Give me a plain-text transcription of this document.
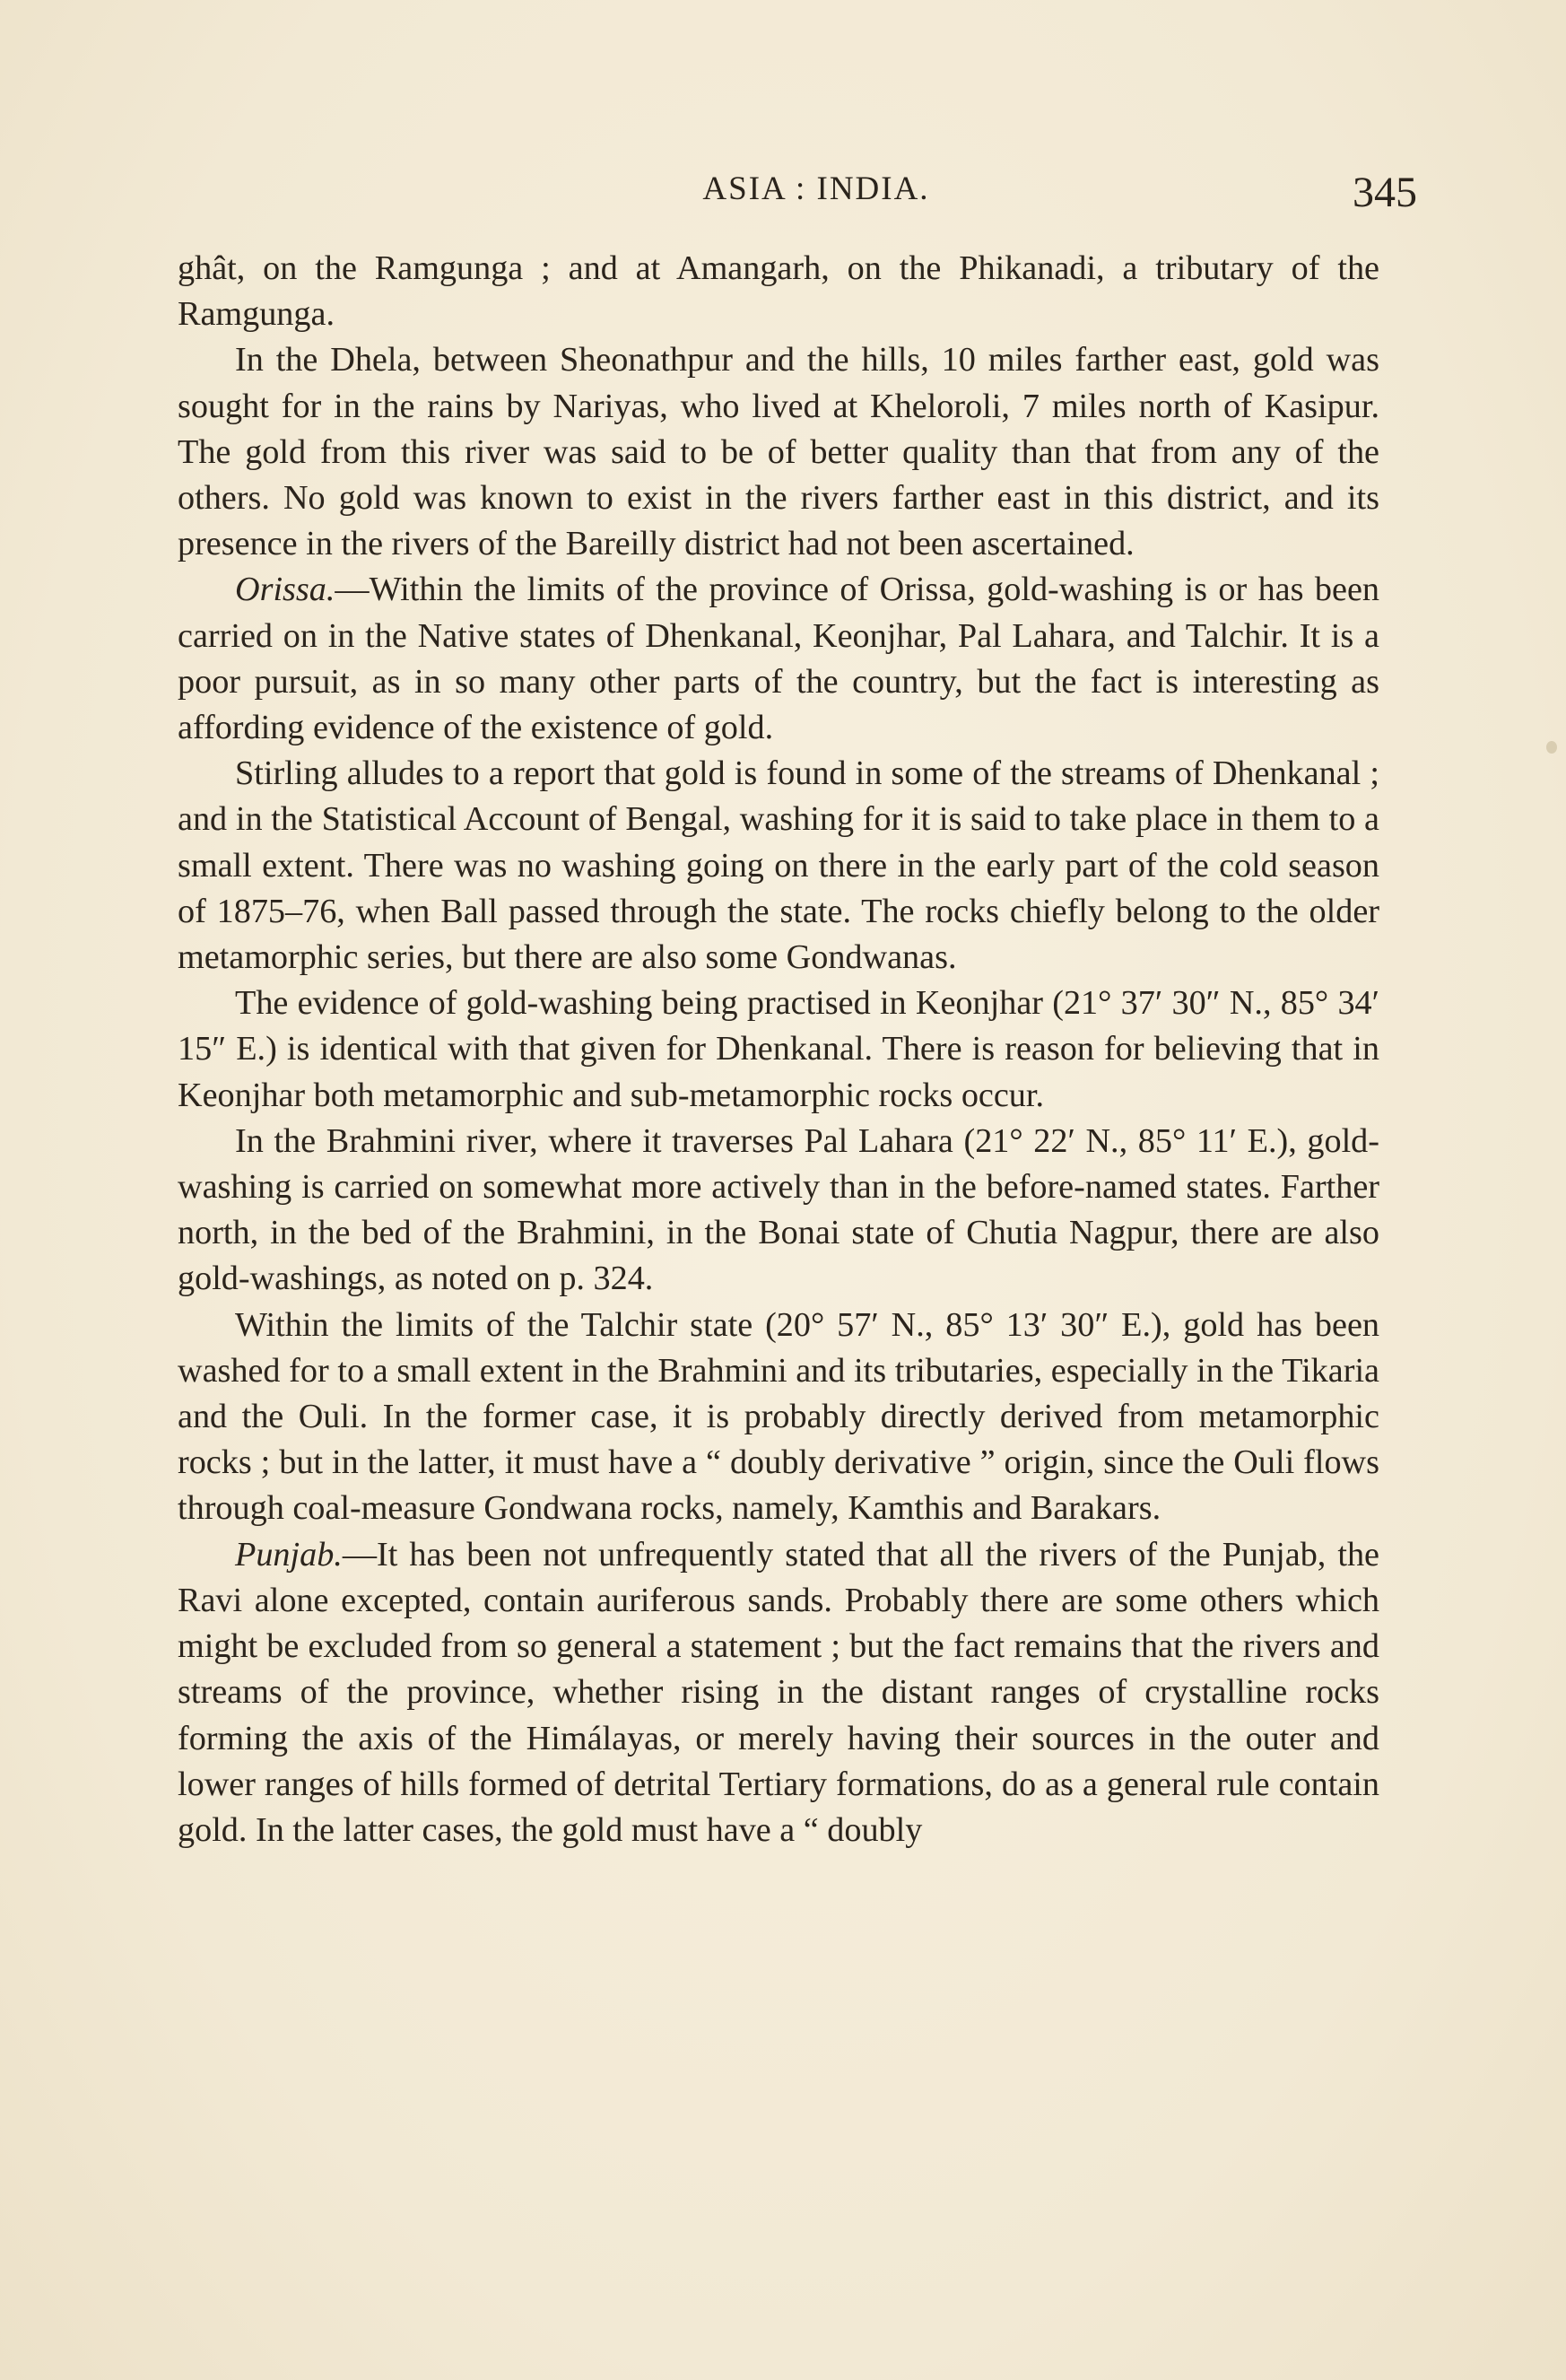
ASIA : INDIA.	345

ghât, on the Ramgunga ; and at Amangarh, on the Phikanadi, a tributary of the Ramgunga.

In the Dhela, between Sheonathpur and the hills, 10 miles farther east, gold was sought for in the rains by Nariyas, who lived at Kheloroli, 7 miles north of Kasipur. The gold from this river was said to be of better quality than that from any of the others. No gold was known to exist in the rivers farther east in this district, and its presence in the rivers of the Bareilly district had not been ascertained.

Orissa.—Within the limits of the province of Orissa, gold-washing is or has been carried on in the Native states of Dhenkanal, Keonjhar, Pal Lahara, and Talchir. It is a poor pursuit, as in so many other parts of the country, but the fact is interesting as affording evidence of the existence of gold.

Stirling alludes to a report that gold is found in some of the streams of Dhenkanal ; and in the Statistical Account of Bengal, washing for it is said to take place in them to a small extent. There was no washing going on there in the early part of the cold season of 1875–76, when Ball passed through the state. The rocks chiefly belong to the older metamorphic series, but there are also some Gondwanas.

The evidence of gold-washing being practised in Keonjhar (21° 37′ 30″ N., 85° 34′ 15″ E.) is identical with that given for Dhenkanal. There is reason for believing that in Keonjhar both metamorphic and sub-metamorphic rocks occur.

In the Brahmini river, where it traverses Pal Lahara (21° 22′ N., 85° 11′ E.), gold-washing is carried on somewhat more actively than in the before-named states. Farther north, in the bed of the Brahmini, in the Bonai state of Chutia Nagpur, there are also gold-washings, as noted on p. 324.

Within the limits of the Talchir state (20° 57′ N., 85° 13′ 30″ E.), gold has been washed for to a small extent in the Brahmini and its tributaries, especially in the Tikaria and the Ouli. In the former case, it is probably directly derived from metamorphic rocks ; but in the latter, it must have a “ doubly derivative ” origin, since the Ouli flows through coal-measure Gondwana rocks, namely, Kamthis and Barakars.

Punjab.—It has been not unfrequently stated that all the rivers of the Punjab, the Ravi alone excepted, contain auriferous sands. Probably there are some others which might be excluded from so general a statement ; but the fact remains that the rivers and streams of the province, whether rising in the distant ranges of crystalline rocks forming the axis of the Himálayas, or merely having their sources in the outer and lower ranges of hills formed of detrital Tertiary formations, do as a general rule contain gold. In the latter cases, the gold must have a “ doubly
